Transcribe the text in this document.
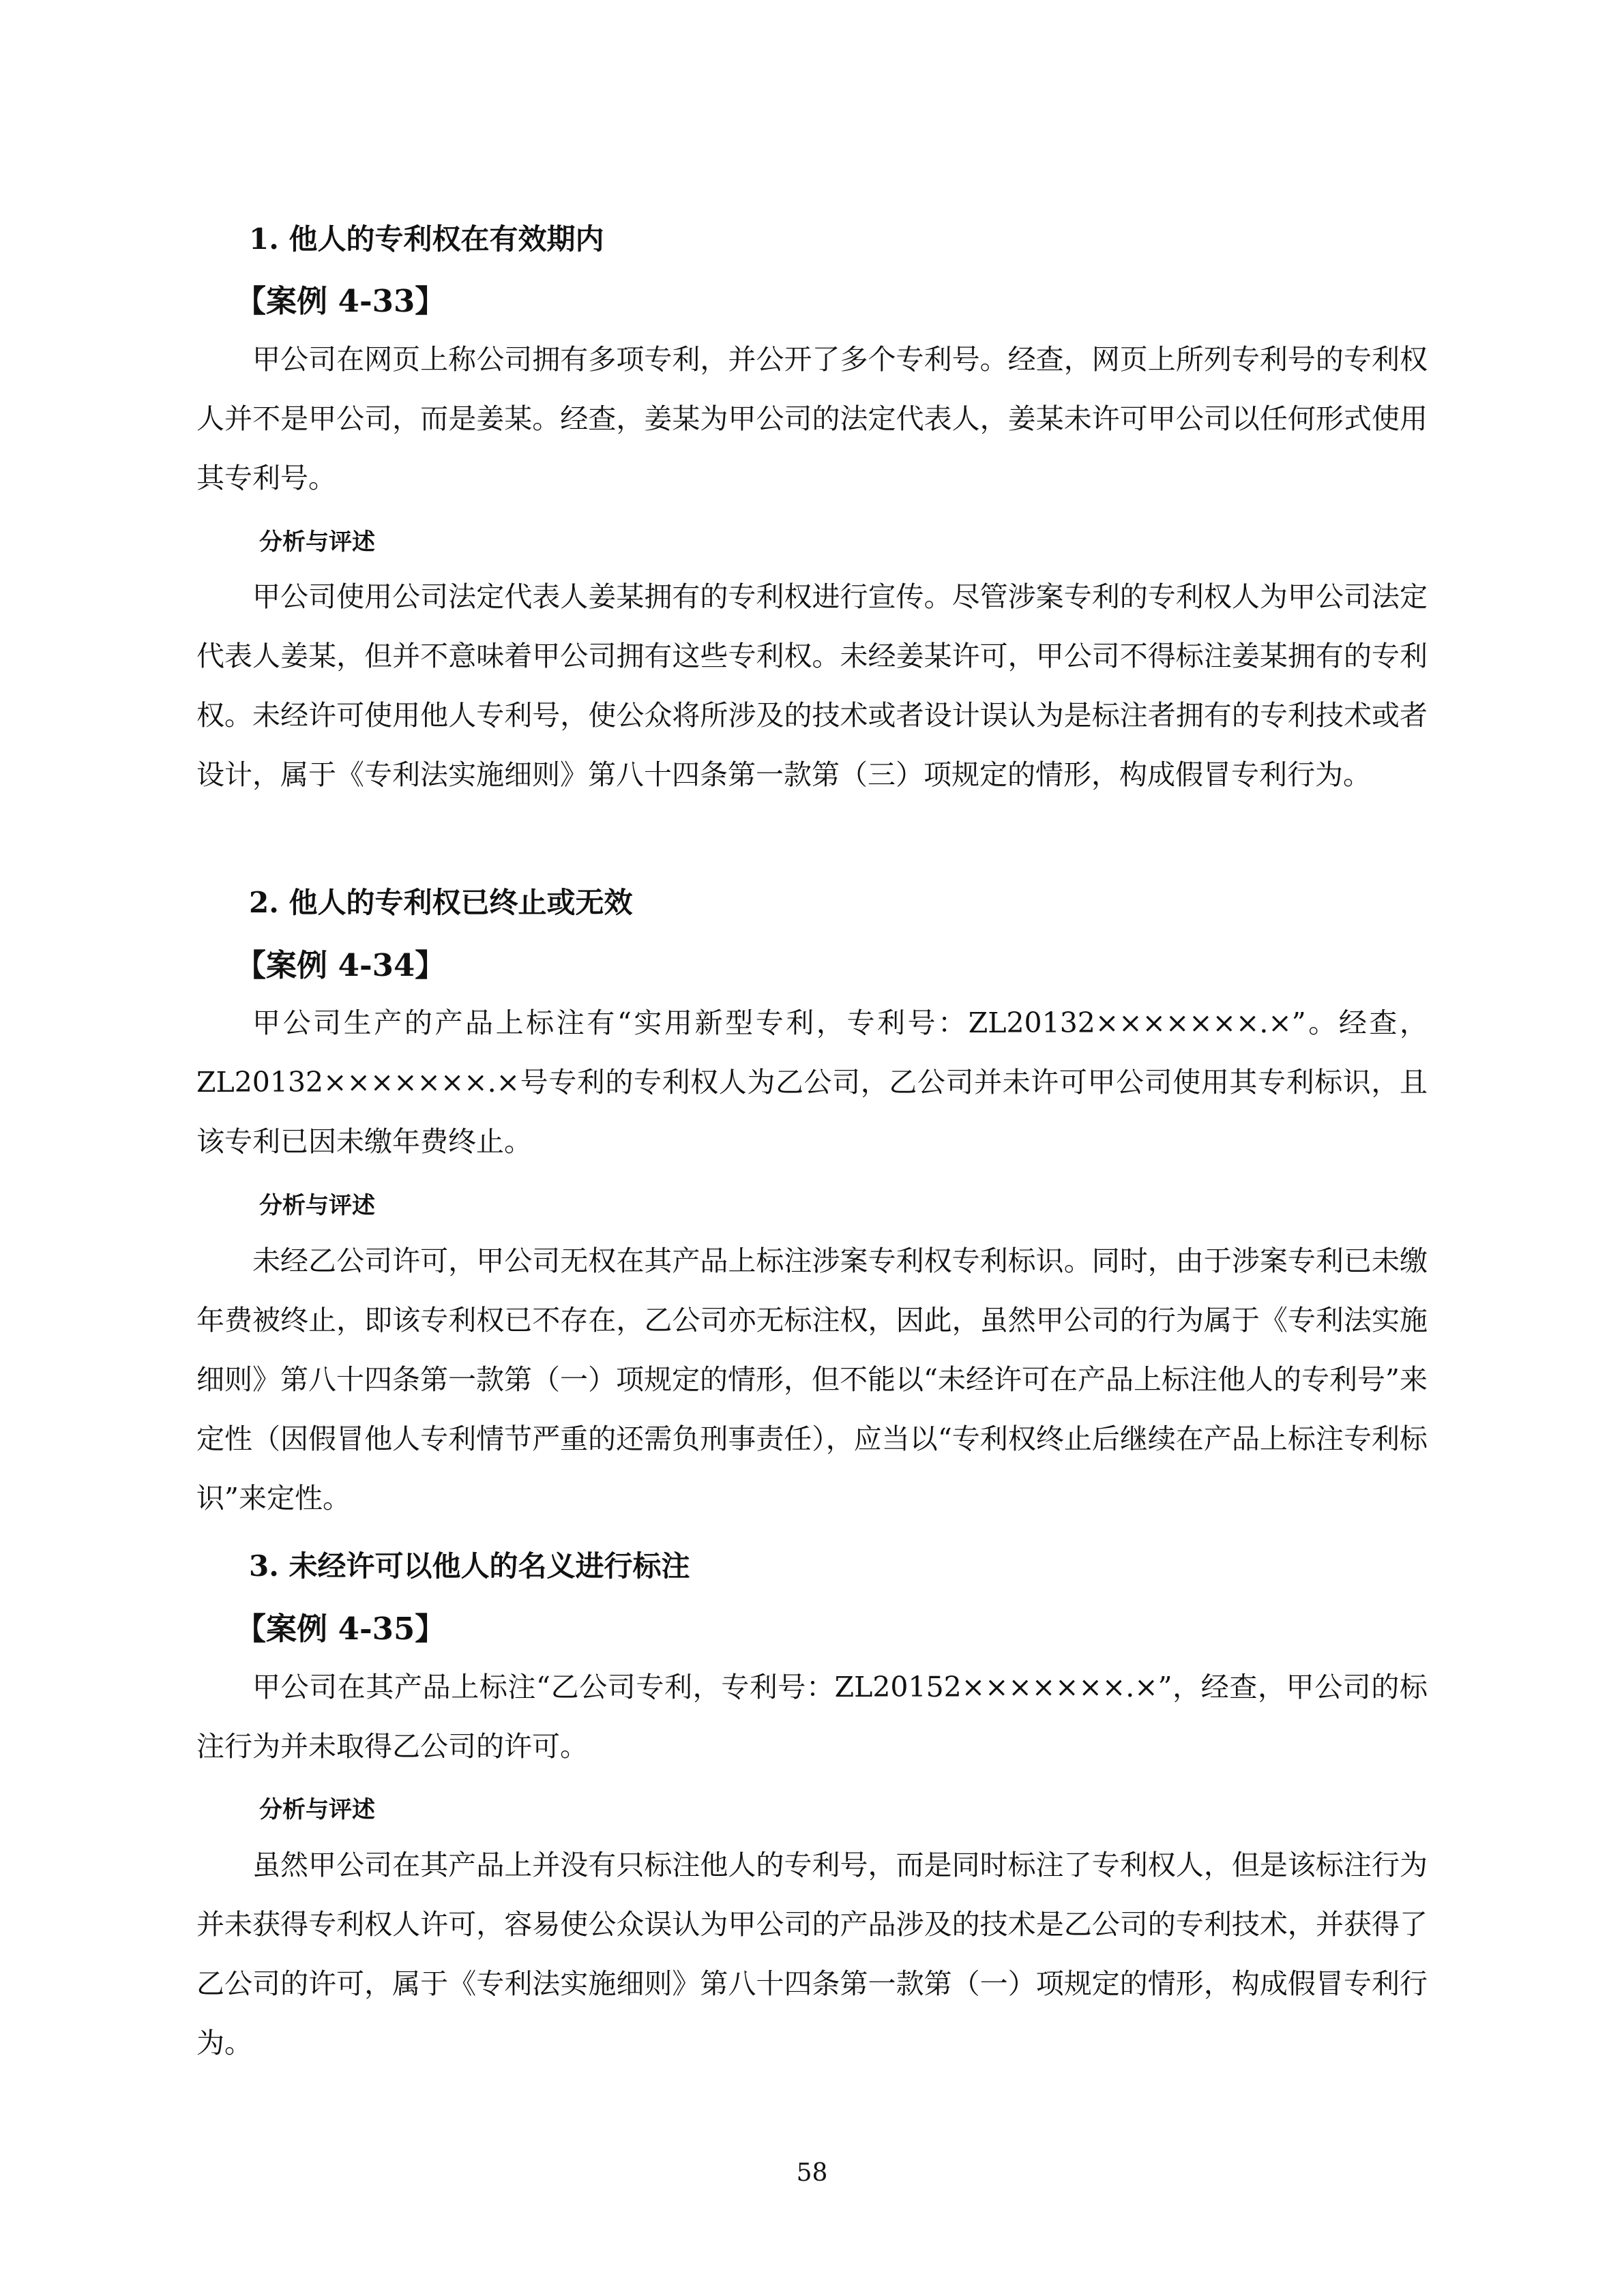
1. 他人的专利权在有效期内
【案例 4-33】

甲公司在网页上称公司拥有多项专利，并公开了多个专利号。经查，网页上所列专利号的专利权人并不是甲公司，而是姜某。经查，姜某为甲公司的法定代表人，姜某未许可甲公司以任何形式使用其专利号。

分析与评述

甲公司使用公司法定代表人姜某拥有的专利权进行宣传。尽管涉案专利的专利权人为甲公司法定代表人姜某，但并不意味着甲公司拥有这些专利权。未经姜某许可，甲公司不得标注姜某拥有的专利权。未经许可使用他人专利号，使公众将所涉及的技术或者设计误认为是标注者拥有的专利技术或者设计，属于《专利法实施细则》第八十四条第一款第（三）项规定的情形，构成假冒专利行为。

2. 他人的专利权已终止或无效
【案例 4-34】

甲公司生产的产品上标注有“实用新型专利，专利号：ZL20132×××××××.×”。经查，ZL20132×××××××.×号专利的专利权人为乙公司，乙公司并未许可甲公司使用其专利标识，且该专利已因未缴年费终止。

分析与评述

未经乙公司许可，甲公司无权在其产品上标注涉案专利权专利标识。同时，由于涉案专利已未缴年费被终止，即该专利权已不存在，乙公司亦无标注权，因此，虽然甲公司的行为属于《专利法实施细则》第八十四条第一款第（一）项规定的情形，但不能以“未经许可在产品上标注他人的专利号”来定性（因假冒他人专利情节严重的还需负刑事责任），应当以“专利权终止后继续在产品上标注专利标识”来定性。

3. 未经许可以他人的名义进行标注
【案例 4-35】

甲公司在其产品上标注“乙公司专利，专利号：ZL20152×××××××.×”，经查，甲公司的标注行为并未取得乙公司的许可。

分析与评述

虽然甲公司在其产品上并没有只标注他人的专利号，而是同时标注了专利权人，但是该标注行为并未获得专利权人许可，容易使公众误认为甲公司的产品涉及的技术是乙公司的专利技术，并获得了乙公司的许可，属于《专利法实施细则》第八十四条第一款第（一）项规定的情形，构成假冒专利行为。

58
